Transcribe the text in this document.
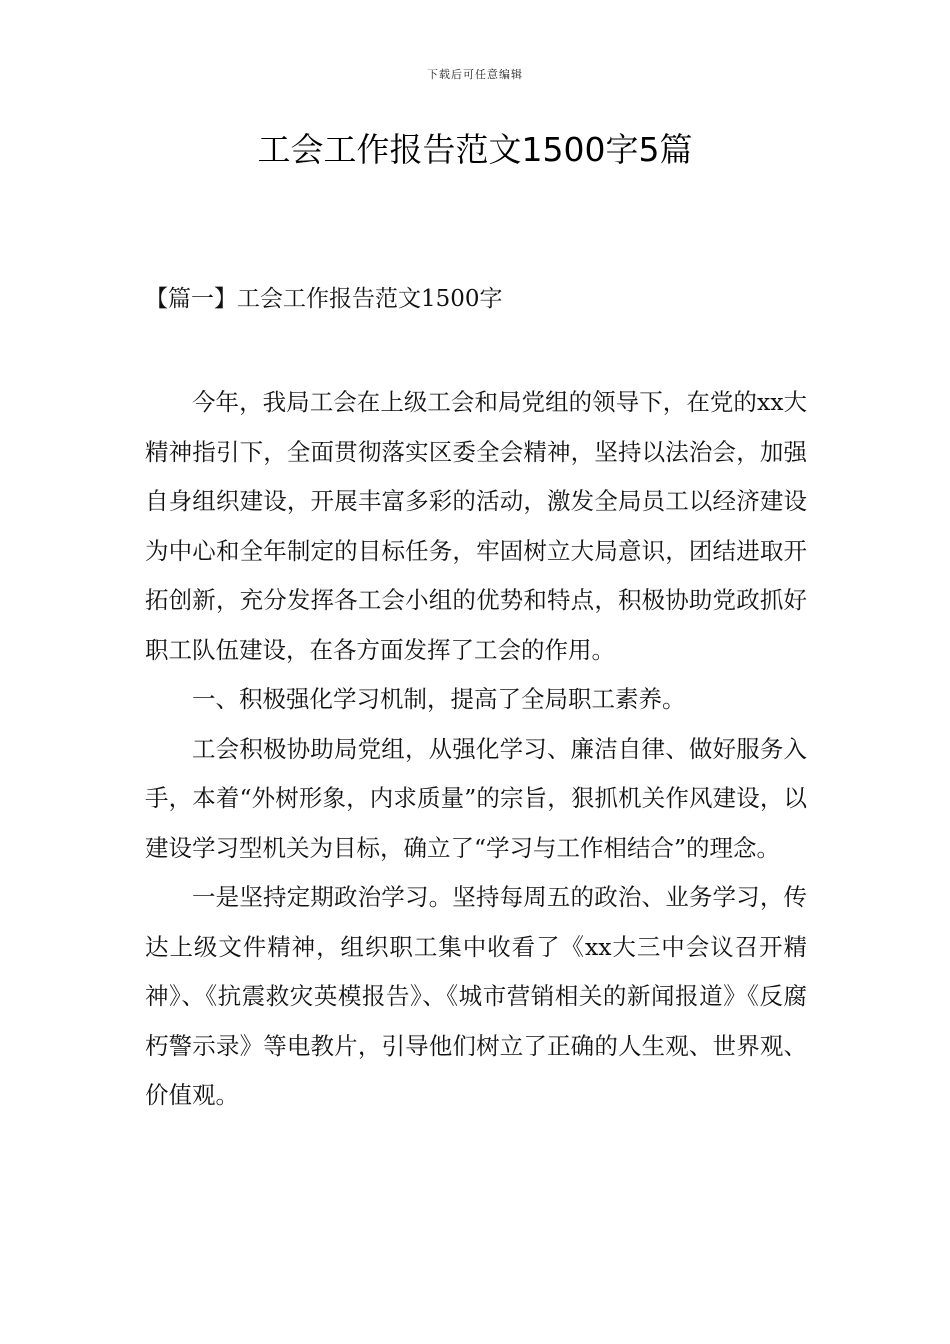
下载后可任意编辑
工会工作报告范文1500字5篇
【篇一】工会工作报告范文1500字

今年，我局工会在上级工会和局党组的领导下，在党的xx大精神指引下，全面贯彻落实区委全会精神，坚持以法治会，加强自身组织建设，开展丰富多彩的活动，激发全局员工以经济建设为中心和全年制定的目标任务，牢固树立大局意识，团结进取开拓创新，充分发挥各工会小组的优势和特点，积极协助党政抓好职工队伍建设，在各方面发挥了工会的作用。

一、积极强化学习机制，提高了全局职工素养。

工会积极协助局党组，从强化学习、廉洁自律、做好服务入手，本着“外树形象，内求质量”的宗旨，狠抓机关作风建设，以建设学习型机关为目标，确立了“学习与工作相结合”的理念。

一是坚持定期政治学习。坚持每周五的政治、业务学习，传达上级文件精神，组织职工集中收看了《xx大三中会议召开精神》、《抗震救灾英模报告》、《城市营销相关的新闻报道》《反腐朽警示录》等电教片，引导他们树立了正确的人生观、世界观、价值观。
